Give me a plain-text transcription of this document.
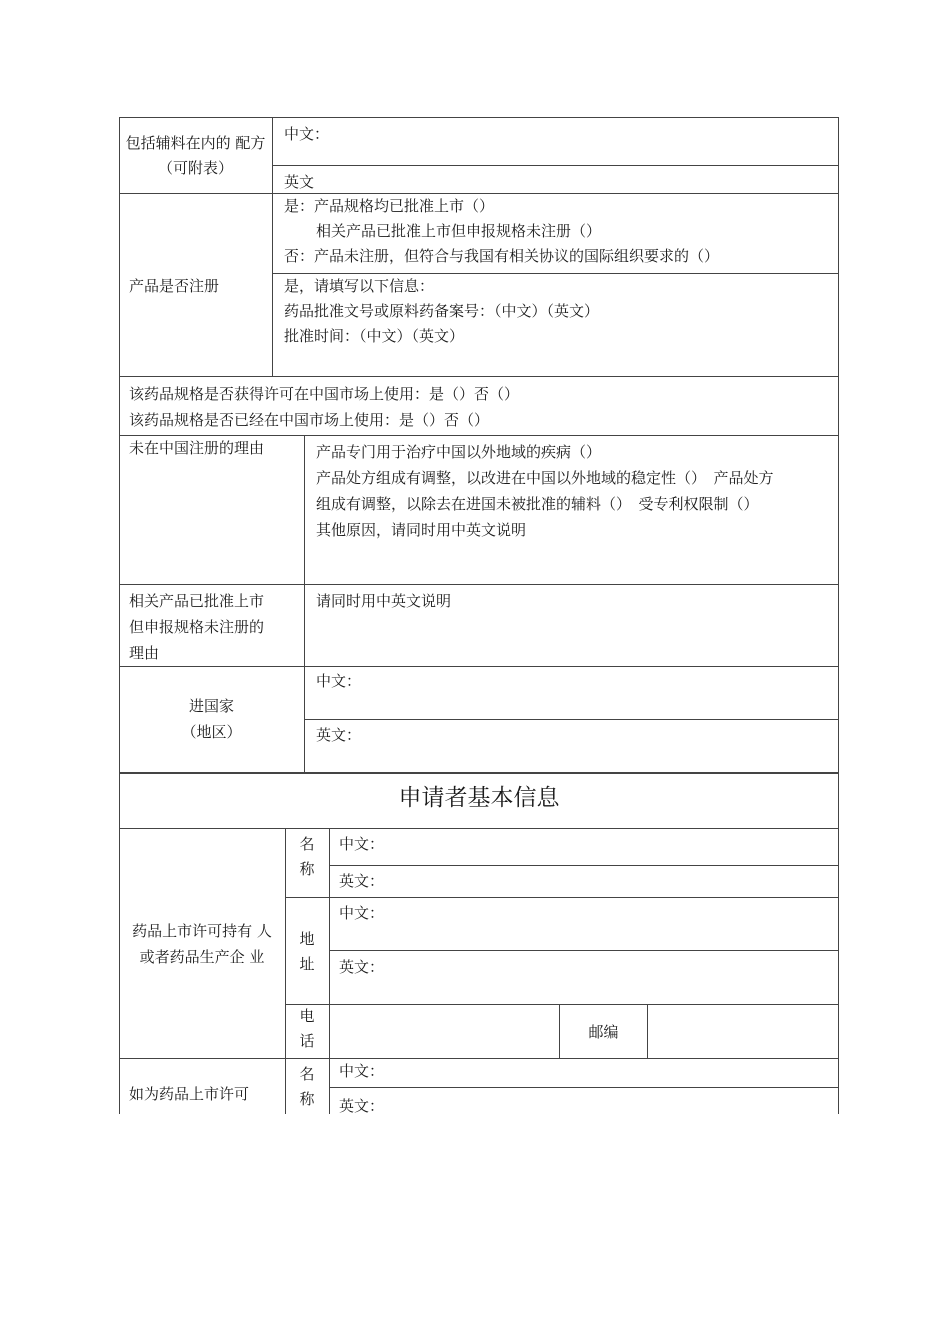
包括辅料在内的 配方（可附表）
中文：
英文
产品是否注册
是：产品规格均已批准上市（）
相关产品已批准上市但申报规格未注册（）
否：产品未注册，但符合与我国有相关协议的国际组织要求的（）
是，请填写以下信息：
药品批准文号或原料药备案号：（中文）（英文）
批准时间：（中文）（英文）
该药品规格是否获得许可在中国市场上使用：是（）否（）
该药品规格是否已经在中国市场上使用：是（）否（）
未在中国注册的理由	产品专门用于治疗中国以外地域的疾病（）
产品处方组成有调整，以改进在中国以外地域的稳定性（）　产品处方
组成有调整，以除去在进国未被批准的辅料（）　受专利权限制（）
其他原因，请同时用中英文说明
相关产品已批准上市
但申报规格未注册的
理由
请同时用中英文说明
进国家
（地区）
中文：
英文：
申请者基本信息
药品上市许可持有 人
或者药品生产企 业
名称
中文：
英文：
地址
中文：
英文：
电话	邮编
如为药品上市许可
名称
中文：
英文：
